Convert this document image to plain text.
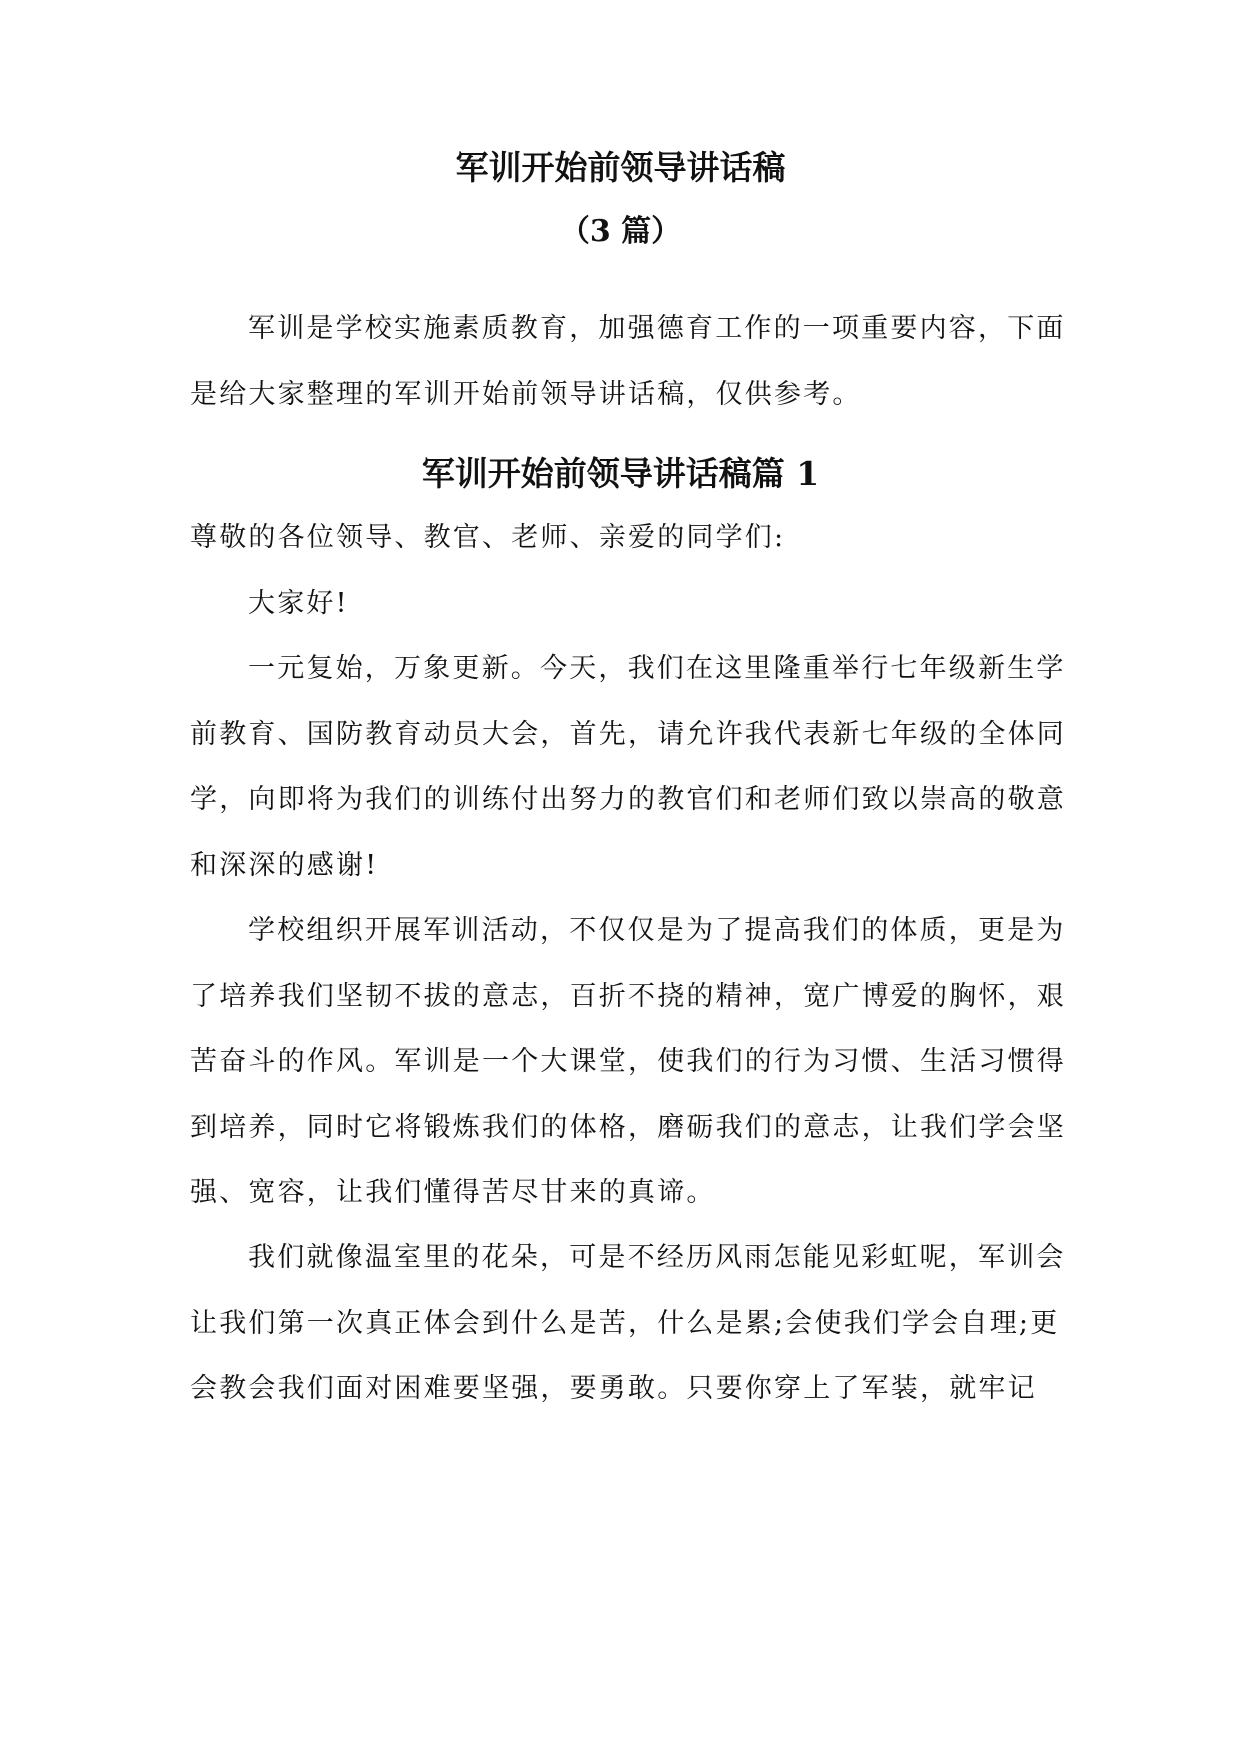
军训开始前领导讲话稿
（3 篇）

军训是学校实施素质教育，加强德育工作的一项重要内容，下面
是给大家整理的军训开始前领导讲话稿，仅供参考。

军训开始前领导讲话稿篇 1

尊敬的各位领导、教官、老师、亲爱的同学们:

大家好!

一元复始，万象更新。今天，我们在这里隆重举行七年级新生学
前教育、国防教育动员大会，首先，请允许我代表新七年级的全体同
学，向即将为我们的训练付出努力的教官们和老师们致以崇高的敬意
和深深的感谢!

学校组织开展军训活动，不仅仅是为了提高我们的体质，更是为
了培养我们坚韧不拔的意志，百折不挠的精神，宽广博爱的胸怀，艰
苦奋斗的作风。军训是一个大课堂，使我们的行为习惯、生活习惯得
到培养，同时它将锻炼我们的体格，磨砺我们的意志，让我们学会坚
强、宽容，让我们懂得苦尽甘来的真谛。

我们就像温室里的花朵，可是不经历风雨怎能见彩虹呢，军训会
让我们第一次真正体会到什么是苦，什么是累;会使我们学会自理;更
会教会我们面对困难要坚强，要勇敢。只要你穿上了军装，就牢记
